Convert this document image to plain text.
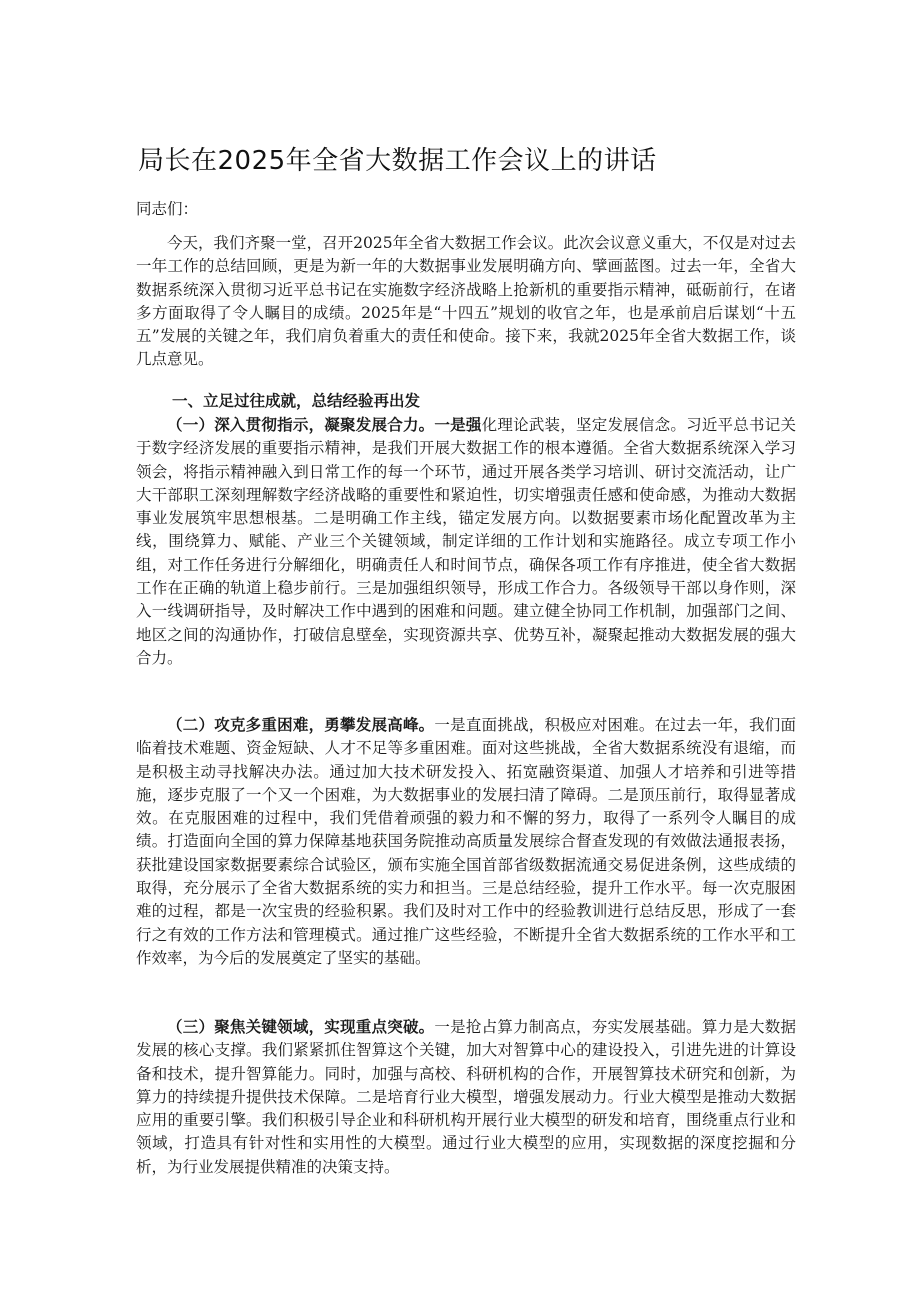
局长在2025年全省大数据工作会议上的讲话

同志们：

今天，我们齐聚一堂，召开2025年全省大数据工作会议。此次会议意义重大，不仅是对过去一年工作的总结回顾，更是为新一年的大数据事业发展明确方向、擘画蓝图。过去一年，全省大数据系统深入贯彻习近平总书记在实施数字经济战略上抢新机的重要指示精神，砥砺前行，在诸多方面取得了令人瞩目的成绩。2025年是“十四五”规划的收官之年，也是承前启后谋划“十五五”发展的关键之年，我们肩负着重大的责任和使命。接下来，我就2025年全省大数据工作，谈几点意见。

一、立足过往成就，总结经验再出发

（一）深入贯彻指示，凝聚发展合力。一是强化理论武装，坚定发展信念。习近平总书记关于数字经济发展的重要指示精神，是我们开展大数据工作的根本遵循。全省大数据系统深入学习领会，将指示精神融入到日常工作的每一个环节，通过开展各类学习培训、研讨交流活动，让广大干部职工深刻理解数字经济战略的重要性和紧迫性，切实增强责任感和使命感，为推动大数据事业发展筑牢思想根基。二是明确工作主线，锚定发展方向。以数据要素市场化配置改革为主线，围绕算力、赋能、产业三个关键领域，制定详细的工作计划和实施路径。成立专项工作小组，对工作任务进行分解细化，明确责任人和时间节点，确保各项工作有序推进，使全省大数据工作在正确的轨道上稳步前行。三是加强组织领导，形成工作合力。各级领导干部以身作则，深入一线调研指导，及时解决工作中遇到的困难和问题。建立健全协同工作机制，加强部门之间、地区之间的沟通协作，打破信息壁垒，实现资源共享、优势互补，凝聚起推动大数据发展的强大合力。

（二）攻克多重困难，勇攀发展高峰。一是直面挑战，积极应对困难。在过去一年，我们面临着技术难题、资金短缺、人才不足等多重困难。面对这些挑战，全省大数据系统没有退缩，而是积极主动寻找解决办法。通过加大技术研发投入、拓宽融资渠道、加强人才培养和引进等措施，逐步克服了一个又一个困难，为大数据事业的发展扫清了障碍。二是顶压前行，取得显著成效。在克服困难的过程中，我们凭借着顽强的毅力和不懈的努力，取得了一系列令人瞩目的成绩。打造面向全国的算力保障基地获国务院推动高质量发展综合督查发现的有效做法通报表扬，获批建设国家数据要素综合试验区，颁布实施全国首部省级数据流通交易促进条例，这些成绩的取得，充分展示了全省大数据系统的实力和担当。三是总结经验，提升工作水平。每一次克服困难的过程，都是一次宝贵的经验积累。我们及时对工作中的经验教训进行总结反思，形成了一套行之有效的工作方法和管理模式。通过推广这些经验，不断提升全省大数据系统的工作水平和工作效率，为今后的发展奠定了坚实的基础。

（三）聚焦关键领域，实现重点突破。一是抢占算力制高点，夯实发展基础。算力是大数据发展的核心支撑。我们紧紧抓住智算这个关键，加大对智算中心的建设投入，引进先进的计算设备和技术，提升智算能力。同时，加强与高校、科研机构的合作，开展智算技术研究和创新，为算力的持续提升提供技术保障。二是培育行业大模型，增强发展动力。行业大模型是推动大数据应用的重要引擎。我们积极引导企业和科研机构开展行业大模型的研发和培育，围绕重点行业和领域，打造具有针对性和实用性的大模型。通过行业大模型的应用，实现数据的深度挖掘和分析，为行业发展提供精准的决策支持。
